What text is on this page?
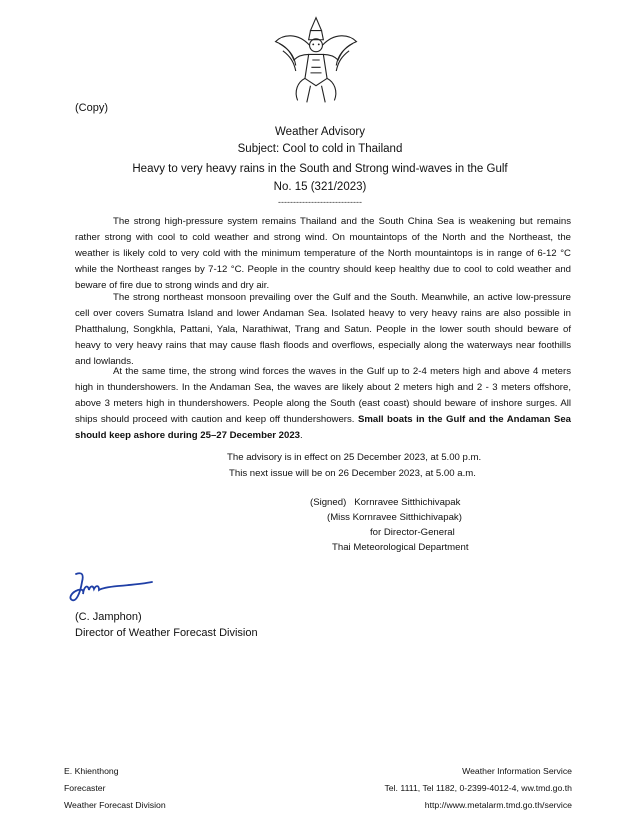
(Copy)
Weather Advisory
Subject: Cool to cold in Thailand
Heavy to very heavy rains in the South and Strong wind-waves in the Gulf
No. 15 (321/2023)
----------------------------

The strong high-pressure system remains Thailand and the South China Sea is weakening but remains rather strong with cool to cold weather and strong wind. On mountaintops of the North and the Northeast, the weather is likely cold to very cold with the minimum temperature of the North mountaintops is in range of 6-12 °C while the Northeast ranges by 7-12 °C. People in the country should keep healthy due to cool to cold weather and beware of fire due to strong winds and dry air.

The strong northeast monsoon prevailing over the Gulf and the South. Meanwhile, an active low-pressure cell over covers Sumatra Island and lower Andaman Sea. Isolated heavy to very heavy rains are also possible in Phatthalung, Songkhla, Pattani, Yala, Narathiwat, Trang and Satun. People in the lower south should beware of heavy to very heavy rains that may cause flash floods and overflows, especially along the waterways near foothills and lowlands.

At the same time, the strong wind forces the waves in the Gulf up to 2-4 meters high and above 4 meters high in thundershowers. In the Andaman Sea, the waves are likely about 2 meters high and 2 - 3 meters offshore, above 3 meters high in thundershowers. People along the South (east coast) should beware of inshore surges. All ships should proceed with caution and keep off thundershowers. Small boats in the Gulf and the Andaman Sea should keep ashore during 25–27 December 2023.

The advisory is in effect on 25 December 2023, at 5.00 p.m.
This next issue will be on 26 December 2023, at 5.00 a.m.
(Signed)   Kornravee Sitthichivapak
(Miss Kornravee Sitthichivapak)
for Director-General
Thai Meteorological Department
(C. Jamphon)
Director of Weather Forecast Division
E. Khienthong
Forecaster
Weather Forecast Division
Weather Information Service
Tel. 1111, Tel 1182, 0-2399-4012-4, ww.tmd.go.th
http://www.metalarm.tmd.go.th/service
